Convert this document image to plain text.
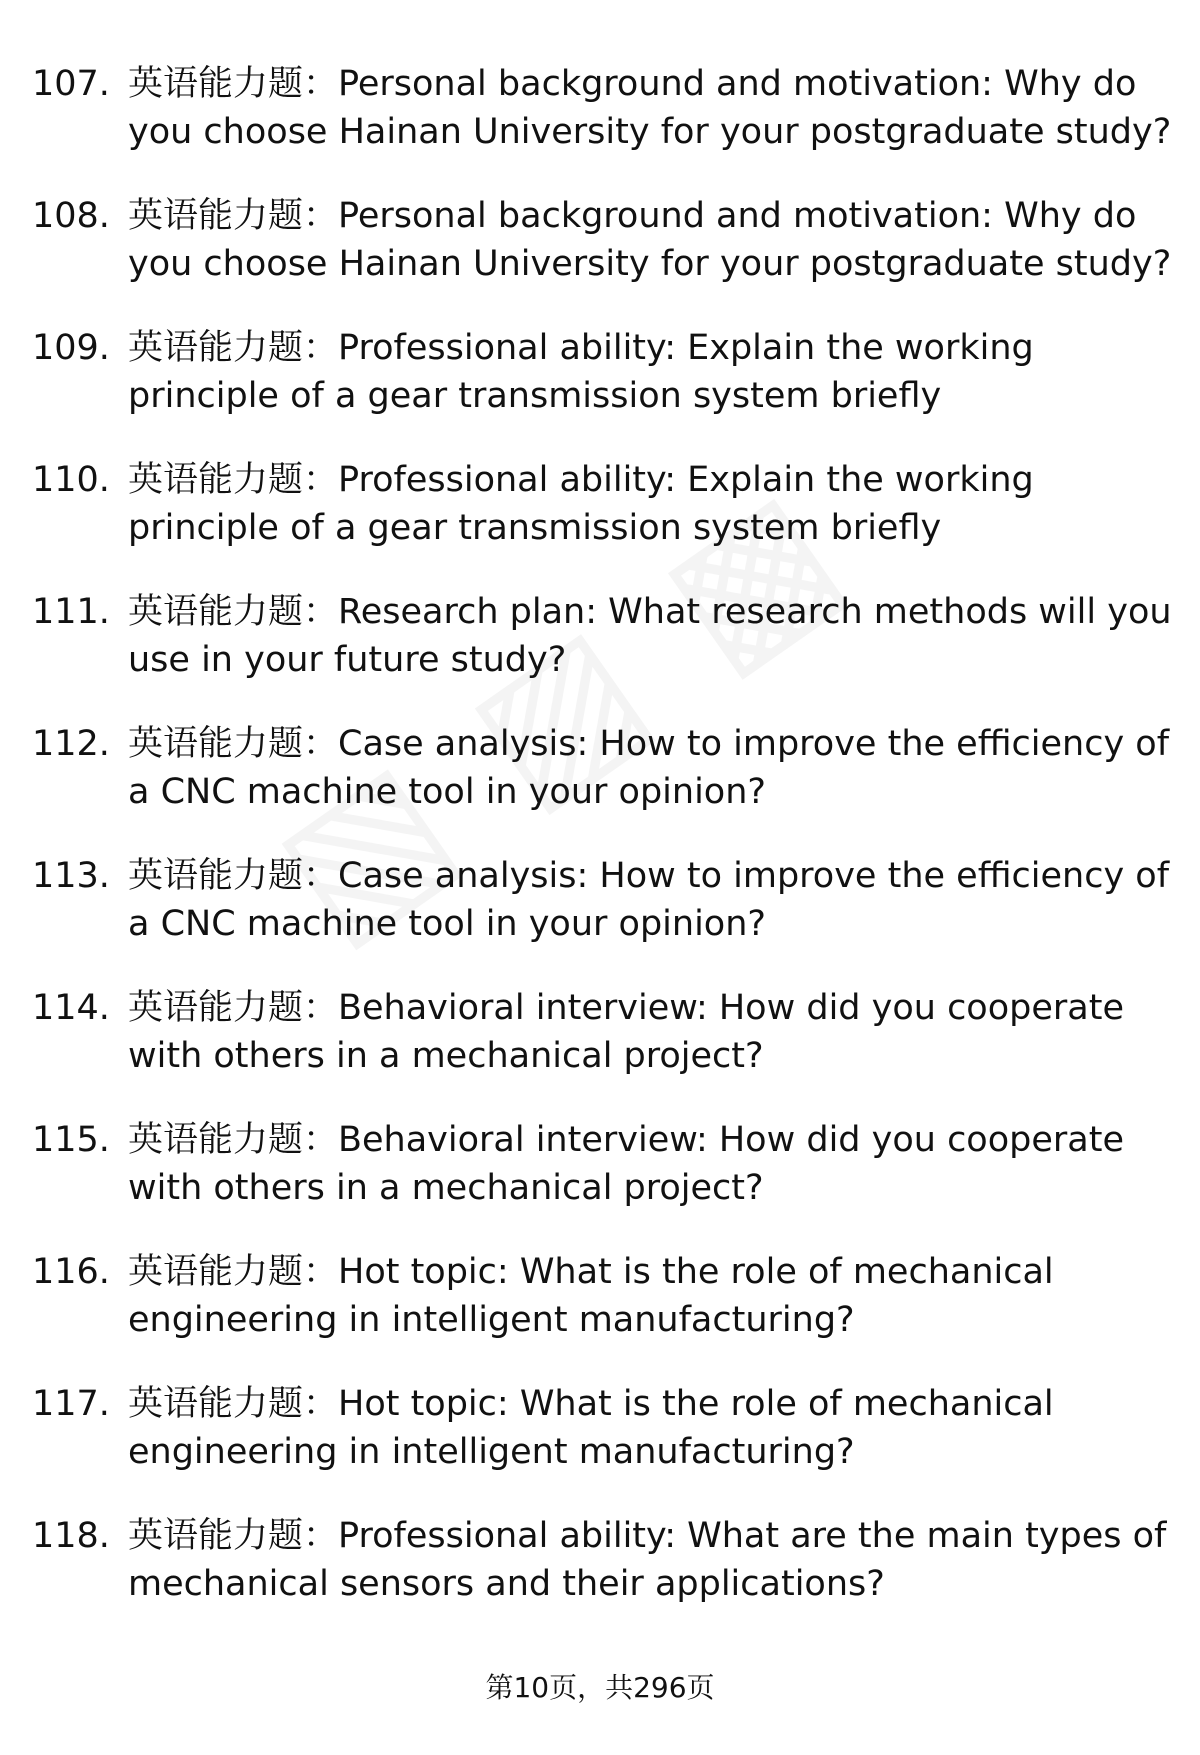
107. 英语能力题：Personal background and motivation: Why do you choose Hainan University for your postgraduate study?
108. 英语能力题：Personal background and motivation: Why do you choose Hainan University for your postgraduate study?
109. 英语能力题：Professional ability: Explain the working principle of a gear transmission system briefly
110. 英语能力题：Professional ability: Explain the working principle of a gear transmission system briefly
111. 英语能力题：Research plan: What research methods will you use in your future study?
112. 英语能力题：Case analysis: How to improve the efficiency of a CNC machine tool in your opinion?
113. 英语能力题：Case analysis: How to improve the efficiency of a CNC machine tool in your opinion?
114. 英语能力题：Behavioral interview: How did you cooperate with others in a mechanical project?
115. 英语能力题：Behavioral interview: How did you cooperate with others in a mechanical project?
116. 英语能力题：Hot topic: What is the role of mechanical engineering in intelligent manufacturing?
117. 英语能力题：Hot topic: What is the role of mechanical engineering in intelligent manufacturing?
118. 英语能力题：Professional ability: What are the main types of mechanical sensors and their applications?
第10页，共296页
